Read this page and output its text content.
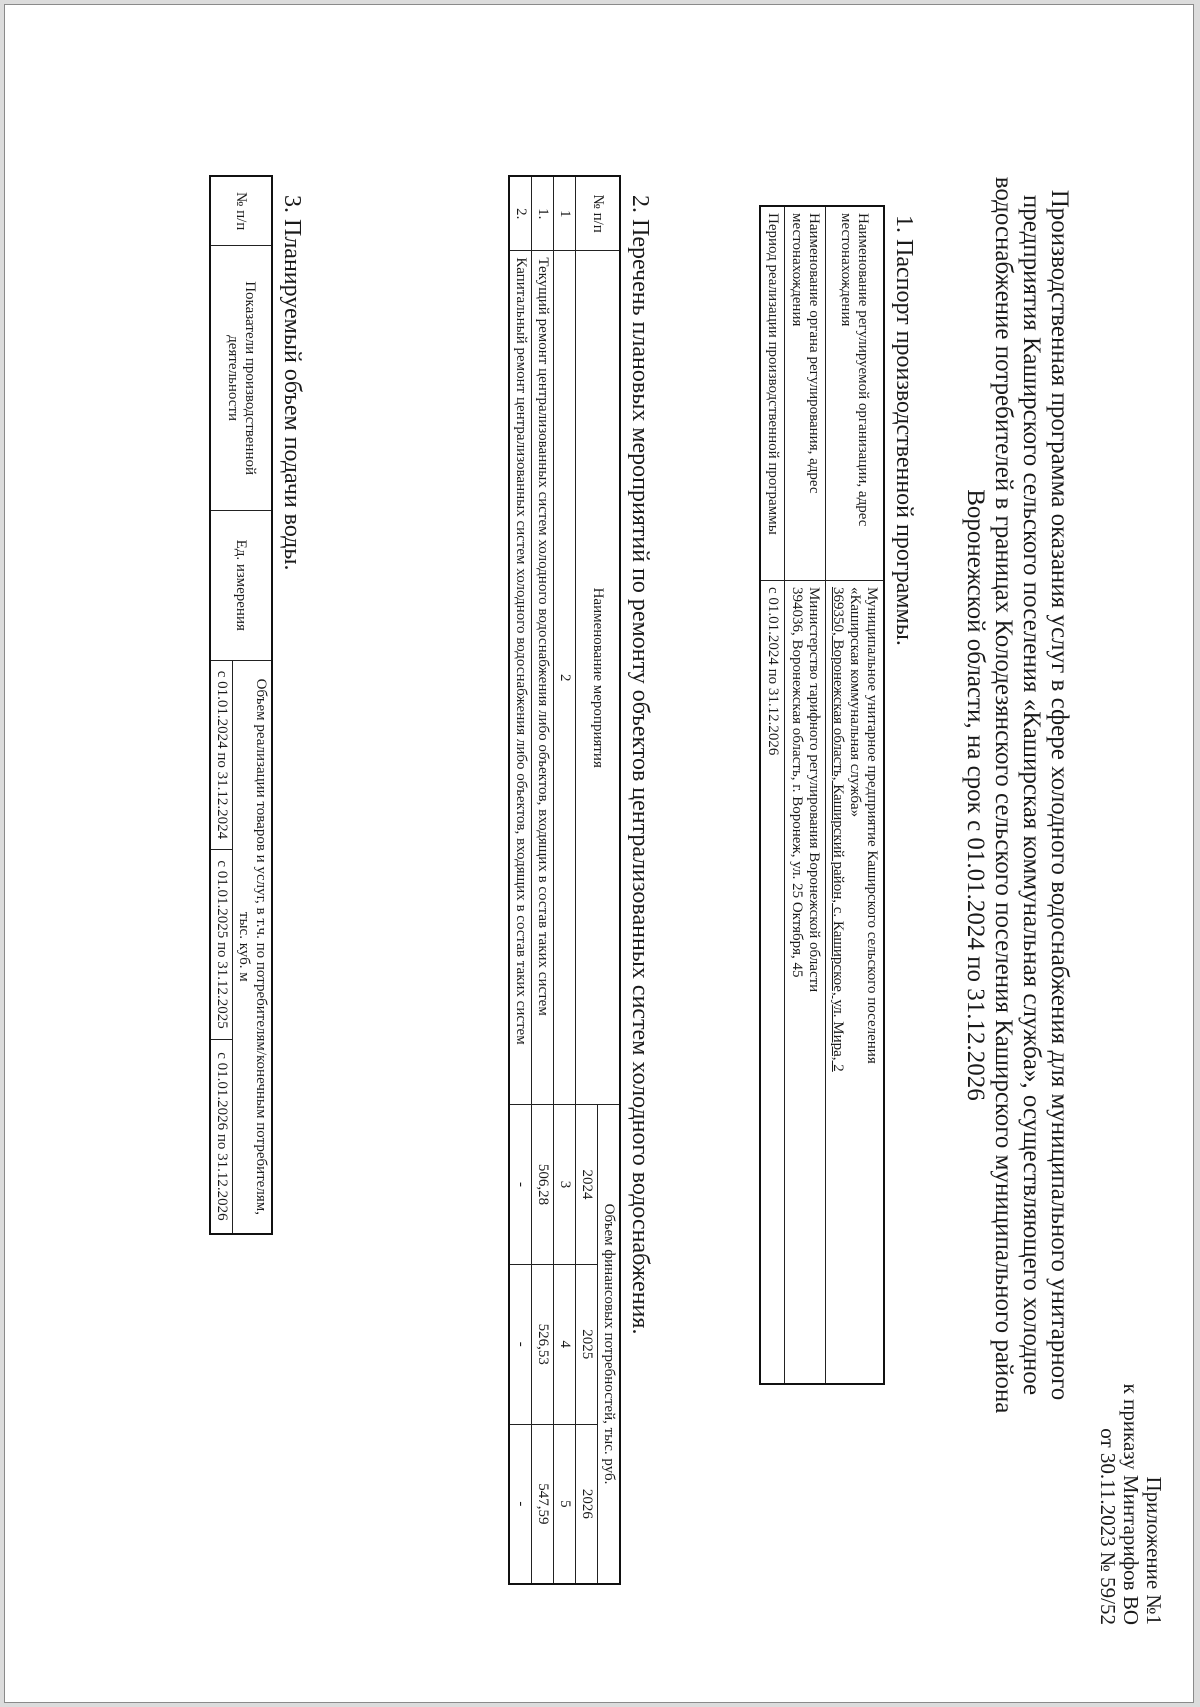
Приложение №1
к приказу Минтарифов ВО
от 30.11.2023 № 59/52
Производственная программа оказания услуг в сфере холодного водоснабжения для муниципального унитарного
предприятия Каширского сельского поселения «Каширская коммунальная служба», осуществляющего холодное
водоснабжение потребителей в границах Колодезянского сельского поселения Каширского муниципального района
Воронежской области, на срок с 01.01.2024 по 31.12.2026
1. Паспорт производственной программы.
Наименование регулируемой организации, адрес местонахождения	Муниципальное унитарное предприятие Каширского сельского поселения
«Каширская коммунальная служба»
369350, Воронежская область, Каширский район, с. Каширское, ул. Мира, 2

Наименование органа регулирования, адрес местонахождения	Министерство тарифного регулирования Воронежской области
394036, Воронежская область, г. Воронеж, ул. 25 Октября, 45

Период реализации производственной программы	с 01.01.2024 по 31.12.2026
2. Перечень плановых мероприятий по ремонту объектов централизованных систем холодного водоснабжения.
№ п/п	Наименование мероприятия	Объем финансовых потребностей, тыс. руб.		
		2024	2025	2026
1	2	3	4	5
1.	Текущий ремонт централизованных систем холодного водоснабжения либо объектов, входящих в состав таких систем	506,28	526,53	547,59
2.	Капитальный ремонт централизованных систем холодного водоснабжения либо объектов, входящих в состав таких систем	-	-	-
3. Планируемый объем подачи воды.
№ п/п	Показатели производственной деятельности	Ед. измерения	Объем реализации товаров и услуг, в т.ч. по потребителям/конечным потребителям, тыс. куб. м		
			с 01.01.2024 по 31.12.2024	с 01.01.2025 по 31.12.2025	с 01.01.2026 по 31.12.2026
